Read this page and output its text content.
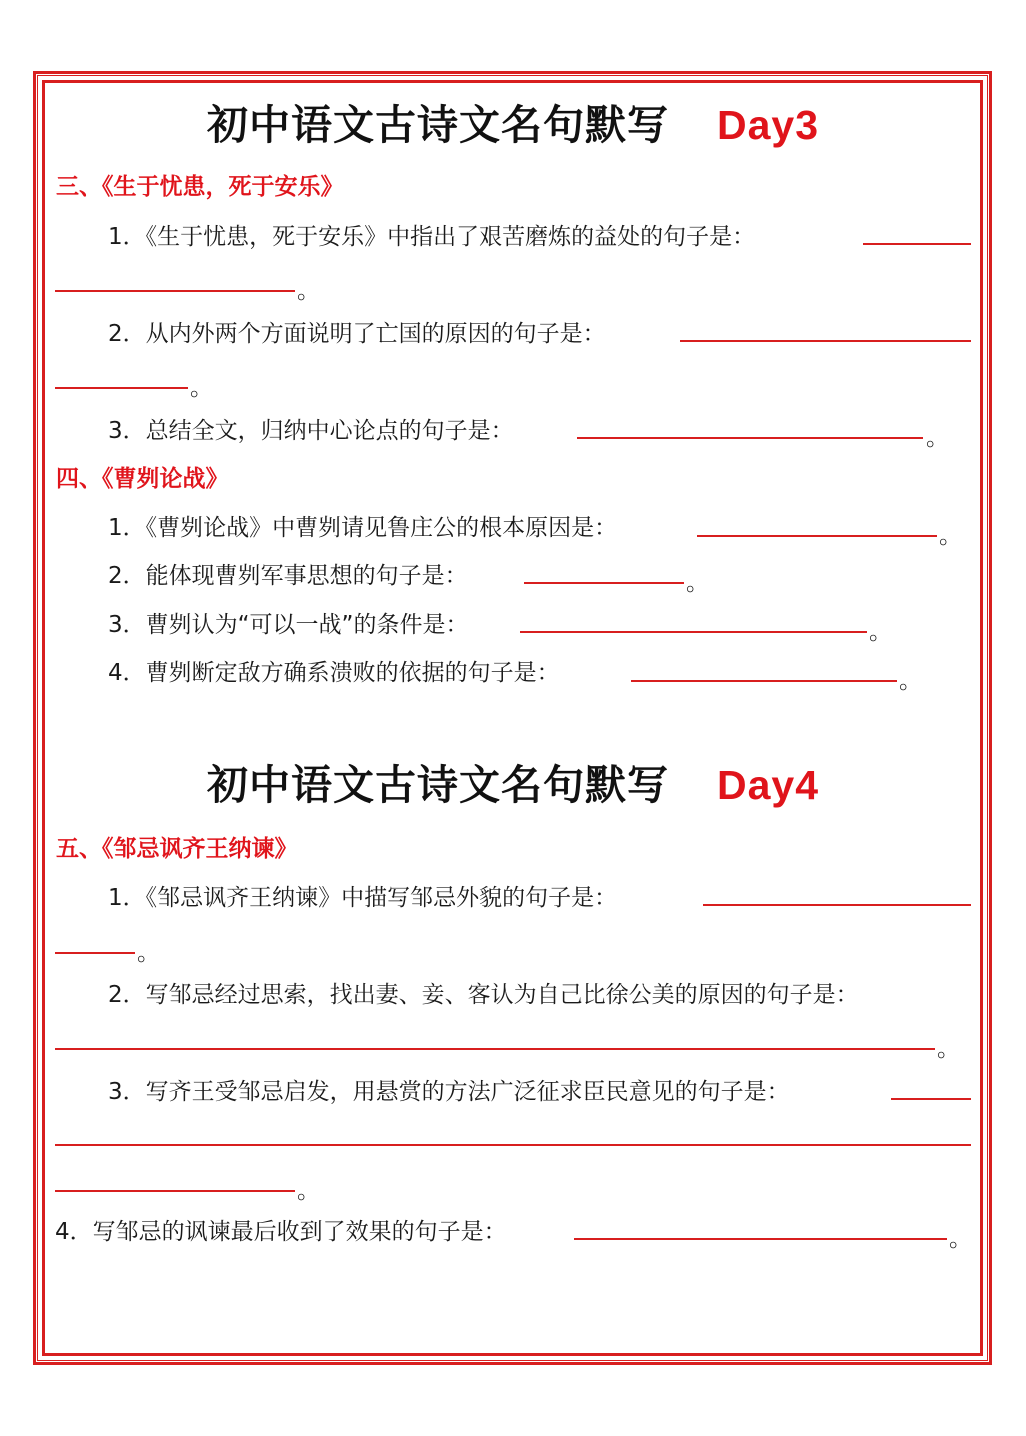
初中语文古诗文名句默写 Day3
三、《生于忧患，死于安乐》
1．《生于忧患，死于安乐》中指出了艰苦磨炼的益处的句子是：
。
2．从内外两个方面说明了亡国的原因的句子是：
。
3．总结全文，归纳中心论点的句子是：	。
四、《曹刿论战》
1．《曹刿论战》中曹刿请见鲁庄公的根本原因是：	。
2．能体现曹刿军事思想的句子是：	。
3．曹刿认为“可以一战”的条件是：	。
4．曹刿断定敌方确系溃败的依据的句子是：	。
初中语文古诗文名句默写 Day4
五、《邹忌讽齐王纳谏》
1．《邹忌讽齐王纳谏》中描写邹忌外貌的句子是：
。
2．写邹忌经过思索，找出妻、妾、客认为自己比徐公美的原因的句子是：
。
3．写齐王受邹忌启发，用悬赏的方法广泛征求臣民意见的句子是：
。
4．写邹忌的讽谏最后收到了效果的句子是：	。
